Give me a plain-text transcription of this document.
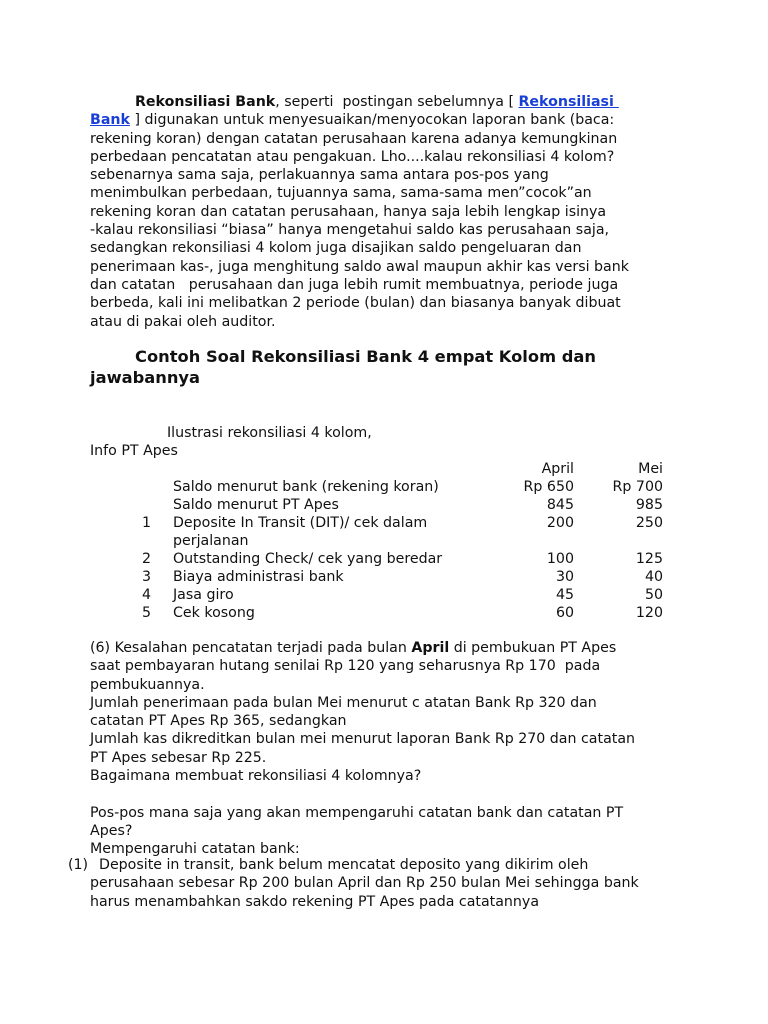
Rekonsiliasi Bank, seperti  postingan sebelumnya [ Rekonsiliasi
Bank ] digunakan untuk menyesuaikan/menyocokan laporan bank (baca:
rekening koran) dengan catatan perusahaan karena adanya kemungkinan
perbedaan pencatatan atau pengakuan. Lho....kalau rekonsiliasi 4 kolom?
sebenarnya sama saja, perlakuannya sama antara pos-pos yang
menimbulkan perbedaan, tujuannya sama, sama-sama men”cocok”an
rekening koran dan catatan perusahaan, hanya saja lebih lengkap isinya
-kalau rekonsiliasi “biasa” hanya mengetahui saldo kas perusahaan saja,
sedangkan rekonsiliasi 4 kolom juga disajikan saldo pengeluaran dan
penerimaan kas-, juga menghitung saldo awal maupun akhir kas versi bank
dan catatan   perusahaan dan juga lebih rumit membuatnya, periode juga
berbeda, kali ini melibatkan 2 periode (bulan) dan biasanya banyak dibuat
atau di pakai oleh auditor.
Contoh Soal Rekonsiliasi Bank 4 empat Kolom dan
jawabannya
Ilustrasi rekonsiliasi 4 kolom,
Info PT Apes
April	Mei
Saldo menurut bank (rekening koran)	Rp 650	Rp 700
Saldo menurut PT Apes	845	985
1 Deposite In Transit (DIT)/ cek dalam
perjalanan
200	250
2 Outstanding Check/ cek yang beredar	100	125
3 Biaya administrasi bank	30	40
4 Jasa giro	45	50
5 Cek kosong	60	120
(6) Kesalahan pencatatan terjadi pada bulan April di pembukuan PT Apes
saat pembayaran hutang senilai Rp 120 yang seharusnya Rp 170  pada
pembukuannya.
Jumlah penerimaan pada bulan Mei menurut c atatan Bank Rp 320 dan
catatan PT Apes Rp 365, sedangkan
Jumlah kas dikreditkan bulan mei menurut laporan Bank Rp 270 dan catatan
PT Apes sebesar Rp 225.
Bagaimana membuat rekonsiliasi 4 kolomnya?
Pos-pos mana saja yang akan mempengaruhi catatan bank dan catatan PT
Apes?
Mempengaruhi catatan bank:
(1) Deposite in transit, bank belum mencatat deposito yang dikirim oleh
perusahaan sebesar Rp 200 bulan April dan Rp 250 bulan Mei sehingga bank
harus menambahkan sakdo rekening PT Apes pada catatannya
